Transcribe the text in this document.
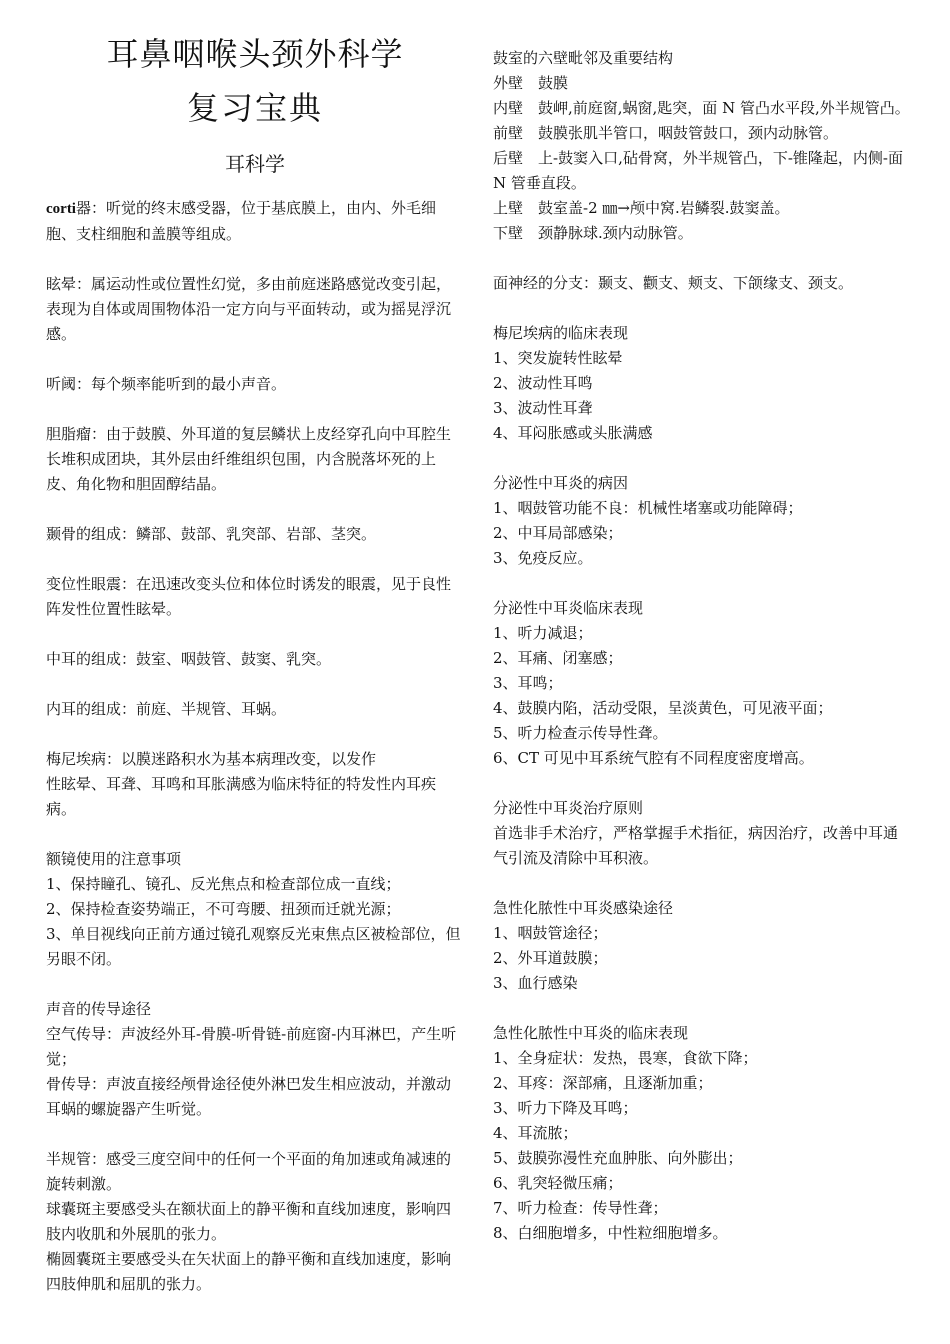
耳鼻咽喉头颈外科学
复习宝典
耳科学

corti器：听觉的终末感受器，位于基底膜上，由内、外毛细胞、支柱细胞和盖膜等组成。

眩晕：属运动性或位置性幻觉，多由前庭迷路感觉改变引起，表现为自体或周围物体沿一定方向与平面转动，或为摇晃浮沉感。

听阈：每个频率能听到的最小声音。

胆脂瘤：由于鼓膜、外耳道的复层鳞状上皮经穿孔向中耳腔生长堆积成团块，其外层由纤维组织包围，内含脱落坏死的上皮、角化物和胆固醇结晶。

颞骨的组成：鳞部、鼓部、乳突部、岩部、茎突。

变位性眼震：在迅速改变头位和体位时诱发的眼震，见于良性阵发性位置性眩晕。

中耳的组成：鼓室、咽鼓管、鼓窦、乳突。

内耳的组成：前庭、半规管、耳蜗。

梅尼埃病：以膜迷路积水为基本病理改变，以发作

性眩晕、耳聋、耳鸣和耳胀满感为临床特征的特发性内耳疾病。

额镜使用的注意事项

1、保持瞳孔、镜孔、反光焦点和检查部位成一直线；

2、保持检查姿势端正，不可弯腰、扭颈而迁就光源；

3、单目视线向正前方通过镜孔观察反光束焦点区被检部位，但另眼不闭。

声音的传导途径

空气传导：声波经外耳-骨膜-听骨链-前庭窗-内耳淋巴，产生听觉；

骨传导：声波直接经颅骨途径使外淋巴发生相应波动，并激动耳蜗的螺旋器产生听觉。

半规管：感受三度空间中的任何一个平面的角加速或角减速的旋转刺激。

球囊斑主要感受头在额状面上的静平衡和直线加速度，影响四肢内收肌和外展肌的张力。

椭圆囊斑主要感受头在矢状面上的静平衡和直线加速度，影响四肢伸肌和屈肌的张力。

鼓室的六壁毗邻及重要结构

外壁　鼓膜

内壁　鼓岬,前庭窗,蜗窗,匙突，面 N 管凸水平段,外半规管凸。

前壁　鼓膜张肌半管口，咽鼓管鼓口，颈内动脉管。

后壁　上-鼓窦入口,砧骨窝，外半规管凸，下-锥隆起，内侧-面 N 管垂直段。

上壁　鼓室盖-2 ㎜→颅中窝.岩鳞裂.鼓窦盖。

下壁　颈静脉球.颈内动脉管。

面神经的分支：颞支、颧支、颊支、下颌缘支、颈支。

梅尼埃病的临床表现

1、突发旋转性眩晕

2、波动性耳鸣

3、波动性耳聋

4、耳闷胀感或头胀满感

分泌性中耳炎的病因

1、咽鼓管功能不良：机械性堵塞或功能障碍；

2、中耳局部感染；

3、免疫反应。

分泌性中耳炎临床表现

1、听力减退；

2、耳痛、闭塞感；

3、耳鸣；

4、鼓膜内陷，活动受限，呈淡黄色，可见液平面；

5、听力检查示传导性聋。

6、CT 可见中耳系统气腔有不同程度密度增高。

分泌性中耳炎治疗原则

首选非手术治疗，严格掌握手术指征，病因治疗，改善中耳通气引流及清除中耳积液。

急性化脓性中耳炎感染途径

1、咽鼓管途径；

2、外耳道鼓膜；

3、血行感染

急性化脓性中耳炎的临床表现

1、全身症状：发热，畏寒，食欲下降；

2、耳疼：深部痛，且逐渐加重；

3、听力下降及耳鸣；

4、耳流脓；

5、鼓膜弥漫性充血肿胀、向外膨出；

6、乳突轻微压痛；

7、听力检查：传导性聋；

8、白细胞增多，中性粒细胞增多。
